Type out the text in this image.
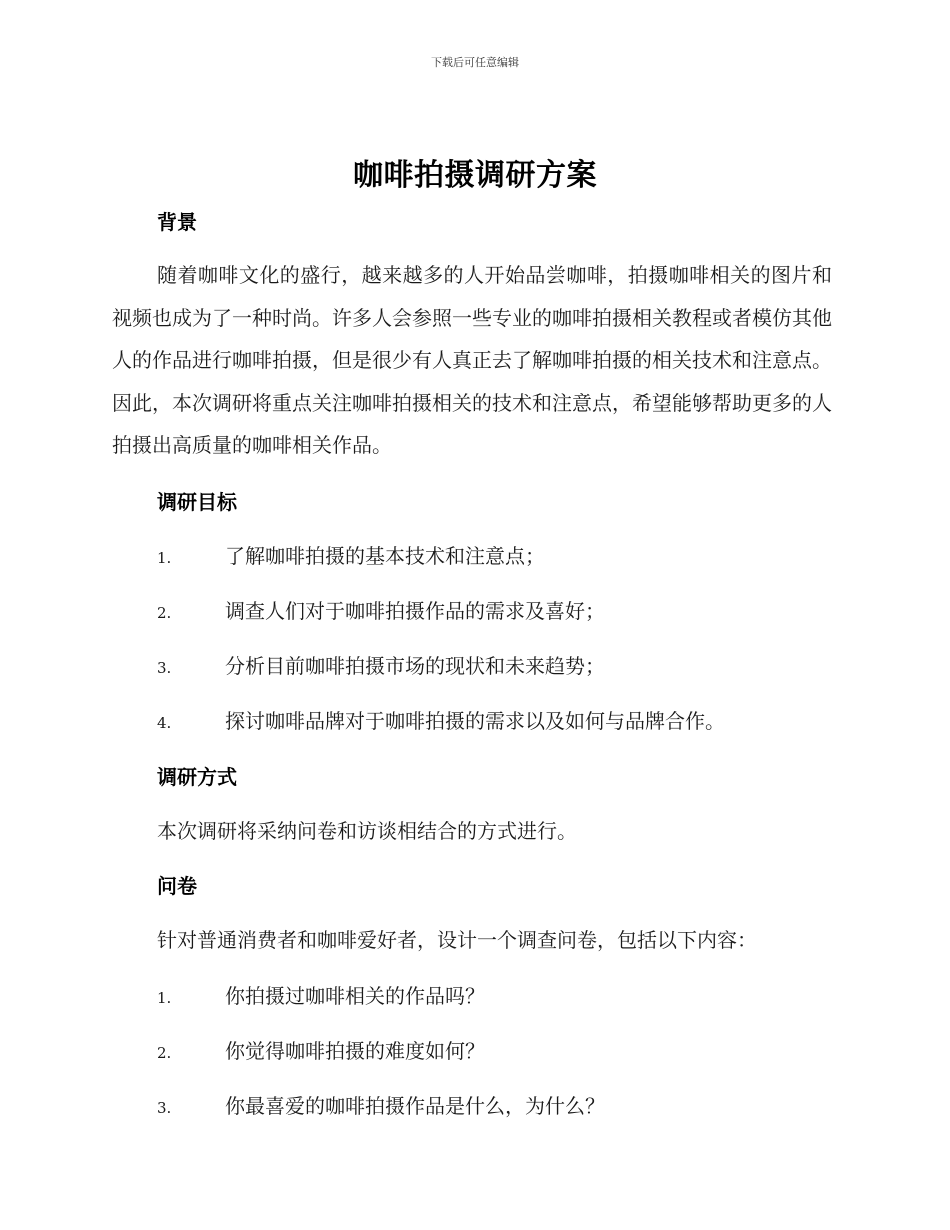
下载后可任意编辑
咖啡拍摄调研方案
背景
随着咖啡文化的盛行，越来越多的人开始品尝咖啡，拍摄咖啡相关的图片和视频也成为了一种时尚。许多人会参照一些专业的咖啡拍摄相关教程或者模仿其他人的作品进行咖啡拍摄，但是很少有人真正去了解咖啡拍摄的相关技术和注意点。因此，本次调研将重点关注咖啡拍摄相关的技术和注意点，希望能够帮助更多的人拍摄出高质量的咖啡相关作品。
调研目标
1.	了解咖啡拍摄的基本技术和注意点；
2.	调查人们对于咖啡拍摄作品的需求及喜好；
3.	分析目前咖啡拍摄市场的现状和未来趋势；
4.	探讨咖啡品牌对于咖啡拍摄的需求以及如何与品牌合作。
调研方式
本次调研将采纳问卷和访谈相结合的方式进行。
问卷
针对普通消费者和咖啡爱好者，设计一个调查问卷，包括以下内容：
1.	你拍摄过咖啡相关的作品吗？
2.	你觉得咖啡拍摄的难度如何？
3.	你最喜爱的咖啡拍摄作品是什么，为什么？
